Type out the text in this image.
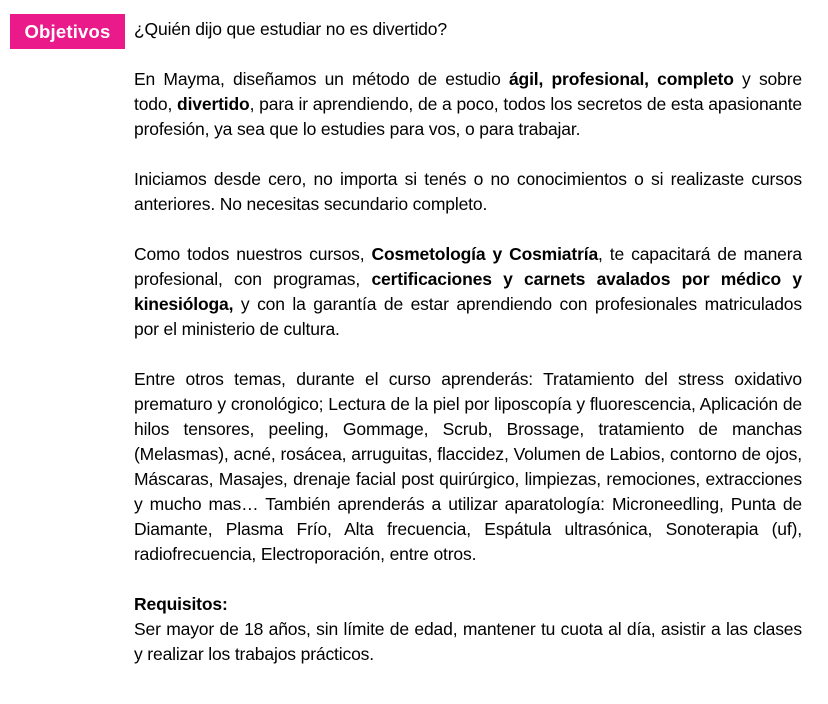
Objetivos	¿Quién dijo que estudiar no es divertido?

En Mayma, diseñamos un método de estudio ágil, profesional, completo y sobre todo, divertido, para ir aprendiendo, de a poco, todos los secretos de esta apasionante profesión, ya sea que lo estudies para vos, o para trabajar.

Iniciamos desde cero, no importa si tenés o no conocimientos o si realizaste cursos anteriores. No necesitas secundario completo.

Como todos nuestros cursos, Cosmetología y Cosmiatría, te capacitará de manera profesional, con programas, certificaciones y carnets avalados por médico y kinesióloga, y con la garantía de estar aprendiendo con profesionales matriculados por el ministerio de cultura.

Entre otros temas, durante el curso aprenderás: Tratamiento del stress oxidativo prematuro y cronológico; Lectura de la piel por liposcopía y fluorescencia, Aplicación de hilos tensores, peeling, Gommage, Scrub, Brossage, tratamiento de manchas (Melasmas), acné, rosácea, arruguitas, flaccidez, Volumen de Labios, contorno de ojos, Máscaras, Masajes, drenaje facial post quirúrgico, limpiezas, remociones, extracciones y mucho mas… También aprenderás a utilizar aparatología: Microneedling, Punta de Diamante, Plasma Frío, Alta frecuencia, Espátula ultrasónica, Sonoterapia (uf), radiofrecuencia, Electroporación, entre otros.

Requisitos:

Ser mayor de 18 años, sin límite de edad, mantener tu cuota al día, asistir a las clases y realizar los trabajos prácticos.
